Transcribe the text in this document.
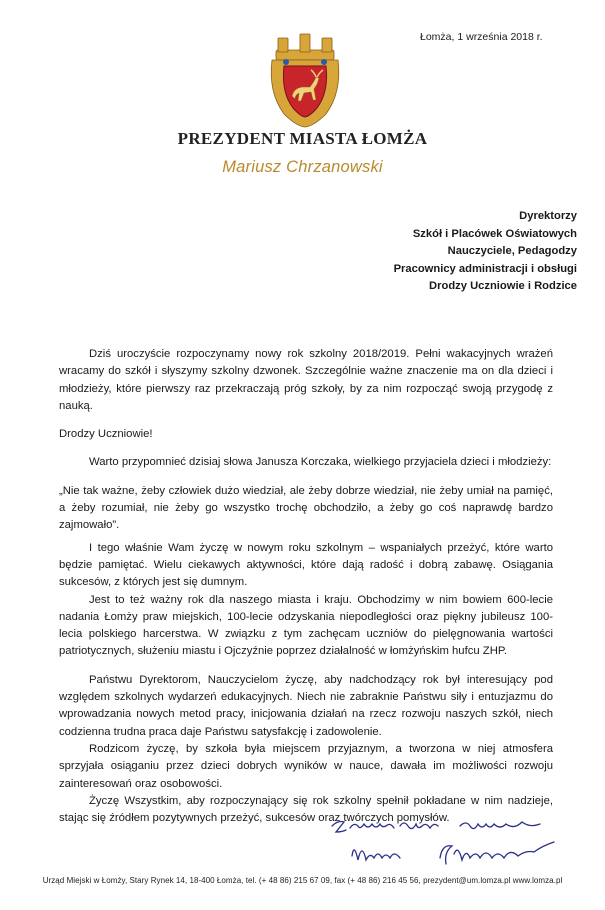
Łomża, 1 września 2018 r.
PREZYDENT MIASTA ŁOMŻA
Mariusz Chrzanowski
Dyrektorzy
Szkół i Placówek Oświatowych
Nauczyciele, Pedagodzy
Pracownicy administracji i obsługi
Drodzy Uczniowie i Rodzice

Dziś uroczyście rozpoczynamy nowy rok szkolny 2018/2019. Pełni wakacyjnych wrażeń wracamy do szkół i słyszymy szkolny dzwonek. Szczególnie ważne znaczenie ma on dla dzieci i młodzieży, które pierwszy raz przekraczają próg szkoły, by za nim rozpocząć swoją przygodę z nauką.

Drodzy Uczniowie!

Warto przypomnieć dzisiaj słowa Janusza Korczaka, wielkiego przyjaciela dzieci i młodzieży:

„Nie tak ważne, żeby człowiek dużo wiedział, ale żeby dobrze wiedział, nie żeby umiał na pamięć, a żeby rozumiał, nie żeby go wszystko trochę obchodziło, a żeby go coś naprawdę bardzo zajmowało”.

I tego właśnie Wam życzę w nowym roku szkolnym – wspaniałych przeżyć, które warto będzie pamiętać. Wielu ciekawych aktywności, które dają radość i dobrą zabawę. Osiągania sukcesów, z których jest się dumnym.

Jest to też ważny rok dla naszego miasta i kraju. Obchodzimy w nim bowiem 600-lecie nadania Łomży praw miejskich, 100-lecie odzyskania niepodległości oraz piękny jubileusz 100-lecia polskiego harcerstwa. W związku z tym zachęcam uczniów do pielęgnowania wartości patriotycznych, służeniu miastu i Ojczyźnie poprzez działalność w łomżyńskim hufcu ZHP.

Państwu Dyrektorom, Nauczycielom życzę, aby nadchodzący rok był interesujący pod względem szkolnych wydarzeń edukacyjnych. Niech nie zabraknie Państwu siły i entuzjazmu do wprowadzania nowych metod pracy, inicjowania działań na rzecz rozwoju naszych szkół, niech codzienna trudna praca daje Państwu satysfakcję i zadowolenie.

Rodzicom życzę, by szkoła była miejscem przyjaznym, a tworzona w niej atmosfera sprzyjała osiąganiu przez dzieci dobrych wyników w nauce, dawała im możliwości rozwoju zainteresowań oraz osobowości.

Życzę Wszystkim, aby rozpoczynający się rok szkolny spełnił pokładane w nim nadzieje, stając się źródłem pozytywnych przeżyć, sukcesów oraz twórczych pomysłów.

Urząd Miejski w Łomży, Stary Rynek 14, 18-400 Łomża, tel. (+ 48 86) 215 67 09, fax (+ 48 86) 216 45 56, prezydent@um.lomza.pl www.lomza.pl
